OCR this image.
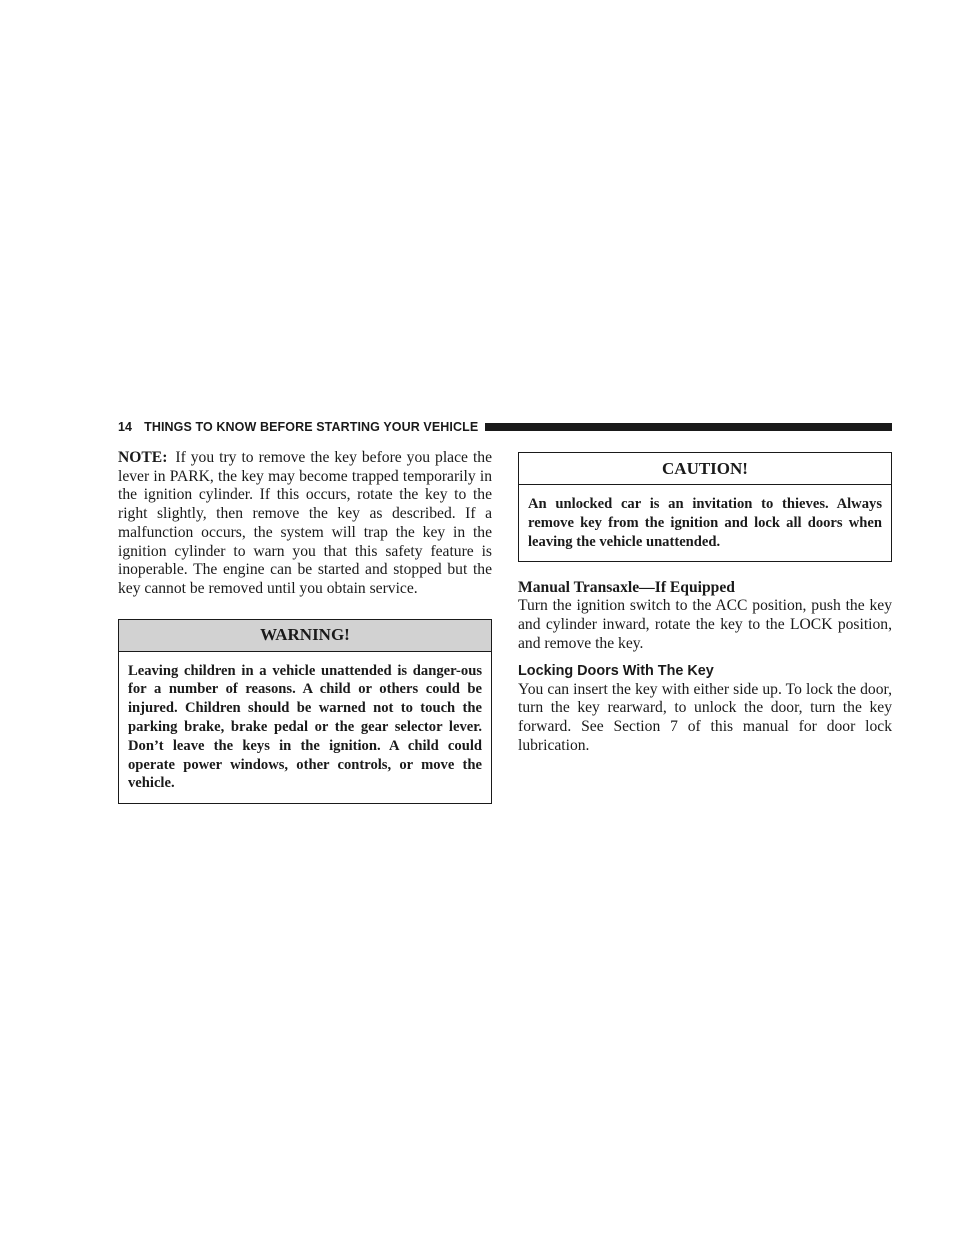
14 THINGS TO KNOW BEFORE STARTING YOUR VEHICLE

NOTE: If you try to remove the key before you place the lever in PARK, the key may become trapped temporarily in the ignition cylinder. If this occurs, rotate the key to the right slightly, then remove the key as described. If a malfunction occurs, the system will trap the key in the ignition cylinder to warn you that this safety feature is inoperable. The engine can be started and stopped but the key cannot be removed until you obtain service.

WARNING!
Leaving children in a vehicle unattended is danger-ous for a number of reasons. A child or others could be injured. Children should be warned not to touch the parking brake, brake pedal or the gear selector lever. Don’t leave the keys in the ignition. A child could operate power windows, other controls, or move the vehicle.
CAUTION!
An unlocked car is an invitation to thieves. Always remove key from the ignition and lock all doors when leaving the vehicle unattended.
Manual Transaxle—If Equipped

Turn the ignition switch to the ACC position, push the key and cylinder inward, rotate the key to the LOCK position, and remove the key.

Locking Doors With The Key

You can insert the key with either side up. To lock the door, turn the key rearward, to unlock the door, turn the key forward. See Section 7 of this manual for door lock lubrication.
